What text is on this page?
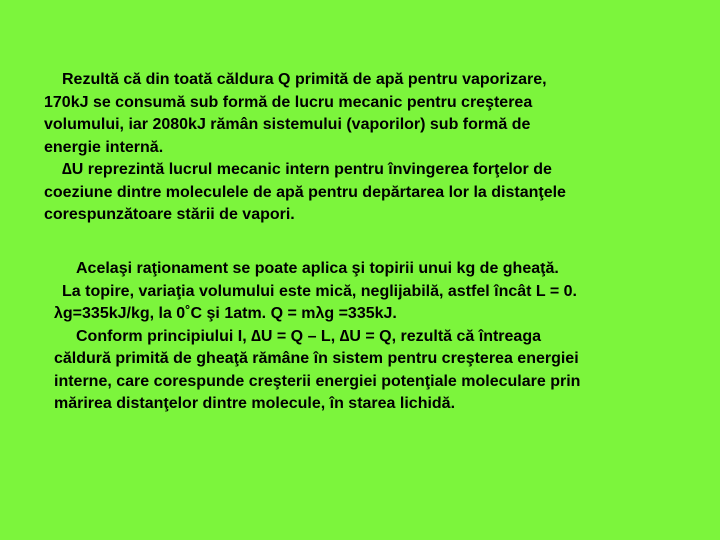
Rezultă că din toată căldura Q primită de apă pentru vaporizare,
170kJ se consumă sub formă de lucru mecanic pentru creşterea
volumului, iar 2080kJ rămân sistemului (vaporilor) sub formă de
energie internă.
∆U reprezintă lucrul mecanic intern pentru învingerea forţelor de
coeziune dintre moleculele de apă pentru depărtarea lor la distanţele
corespunzătoare stării de vapori.
Acelaşi raţionament se poate aplica şi topirii unui kg de gheaţă.
La topire, variaţia volumului este mică, neglijabilă, astfel încât L = 0.
λg=335kJ/kg, la 0˚C şi 1atm. Q = mλg =335kJ.
Conform principiului I, ∆U = Q – L, ∆U = Q, rezultă că întreaga
căldură primită de gheaţă rămâne în sistem pentru creşterea energiei
interne, care corespunde creşterii energiei potenţiale moleculare prin
mărirea distanţelor dintre molecule, în starea lichidă.
